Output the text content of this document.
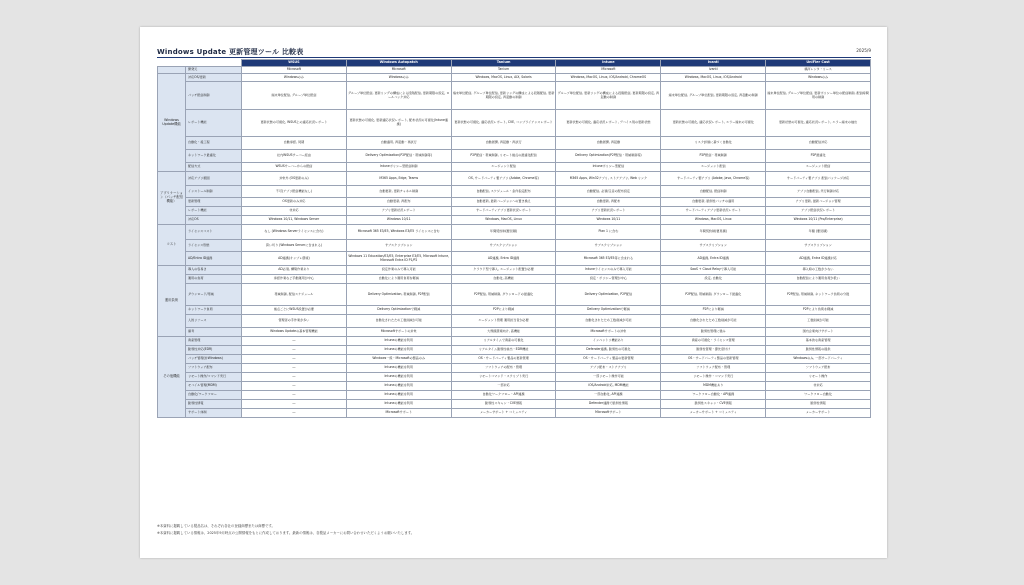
Windows Update 更新管理ツール 比較表	2025/9
		WSUS	Windows Autopatch	Tanium	Intune	Ivanti	UniFier Cast
	開発元	Microsoft	Microsoft	Tanium	Microsoft	Ivanti	横河レンタ・リース
Windows Update機能	対応OS/更新	Windowsのみ	Windowsのみ	Windows, MacOS, Linux, AIX, Solaris	Windows, MacOS, Linux, iOS/Android, ChromeOS	Windows, MacOS, Linux, iOS/Android	Windowsのみ
	パッチ配信制御	端末単位配信, グループ単位配信	グループ単位配信, 更新リングの構成による段階配信, 更新期限の設定, ロールバック対応	端末単位配信, グループ単位配信, 更新リングの構成による段階配信, 更新期限の設定, 再起動の制御	グループ単位配信, 更新リングの構成による段階配信, 更新期限の設定, 再起動の制御	端末単位配信, グループ単位配信, 更新期限の設定, 再起動の制御	端末単位配信, グループ単位配信, 更新ポリシー単位の配信制御, 配信時間帯の制御
	レポート機能	更新状態の可視化, WSUS上の適応状況レポート	更新状態の可視化, 更新適応状況レポート, 配布状況の可視化(Intune連携)	更新状態の可視化, 適応状況レポート, CVE, コンプライアンスレポート	更新状態の可視化, 適応状況レポート, デバイス別の更新状態	更新状態の可視化, 適応状況レポート, エラー端末の可視化	更新状態の可視化, 適応状況レポート, エラー端末の抽出
	自動化・後工程	自動承認, 同期	自動適用, 再起動・再試行	自動展開, 再起動・再試行	自動展開, 再起動	リスク評価に基づく自動化	自動配信対応
	ネットワーク最適化	社内WSUSサーバー経由	Delivery Optimization(P2P配信・帯域制御等)	P2P配信・帯域制御, リモート拠点の最適化配信	Delivery Optimization(P2P配信・帯域制御等)	P2P配信・帯域制御	P2P最適化
	配信方式	WSUSサーバーからの配信	Intuneポリシー型配信制御	エージェント配信	Intuneポリシー型配信	エージェント配信	エージェント配信
アプリケーション（パッチ配信機能）	対応アプリ範囲	対象外 (OS更新のみ)	M365 Apps, Edge, Teams	OS, サードパーティ製アプリ (Adobe, Chrome等)	M365 Apps, Win32アプリ, ストアアプリ, Web リンク	サードパーティ製アプリ (Adobe, Java, Chrome等)	サードパーティ製アプリ 配信パッケージ対応
	インストール制御	不可(アプリ配信機能なし)	自動更新, 更新チャネル制御	自動配信, スケジュール・条件指定配布	自動配信, 必須/任意の配布設定	自動配信, 配信制御	アプリ自動配信, 実行制御対応
	更新管理	OS更新のみ対応	自動更新, 再配布	自動更新, 最新バージョンへの置き換え	自動更新, 再配布	自動更新, 脆弱性パッチの適用	アプリ更新, 最新バージョン管理
	レポート機能	非対応	アプリ更新状況レポート	サードパーティアプリ更新状況レポート	アプリ更新状況レポート	サードパーティアプリ更新状況レポート	アプリ配信状況レポート
	対応OS	Windows 10/11, Windows Server	Windows 10/11	Windows, MacOS, Linux	Windows 10/11	Windows, MacOS, Linux	Windows 10/11 (Pro/Enterprise)
コスト	ライセンスコスト	なし (Windows Serverライセンスに含む)	Microsoft 365 E3/E5, Windows E3/E5 ライセンスに含む	年間契約制(要見積)	Plan 1 に含む	年間契約制(要見積)	年額 (要見積)
	ライセンス形態	買い切り (Windows Serverに含まれる)	サブスクリプション	サブスクリプション	サブスクリプション	サブスクリプション	サブスクリプション
	AD/Entra ID連携	AD連携(オンプレ環境)	Windows 11 Education/E3/E5, Enterprise E3/E5, Microsoft Intune, Microsoft Entra ID P1/P2	AD連携, Entra ID連携	Microsoft 365 E3/E5等に含まれる	AD連携, Entra ID連携	AD連携, Entra ID連携対応
運用負荷	導入の容易さ	AD必須, 構築作業あり	設定作業のみで導入可能	クラウド型で導入, エージェント配置が必要	Intuneライセンスのみで導入可能	SaaS + Cloud Relayで導入可能	導入時の工数が少ない
	運用の負荷	承認作業など手動運用が中心	自動化により運用負荷を軽減	自動化, 高機能	設定・ポリシー管理が中心	設定, 自動化	自動配信により運用負荷が低い
	ダウンロード/帯域	帯域制御, 配信スケジュール	Delivery Optimization, 帯域制御, P2P配信	P2P配信, 帯域制御, ダウンロードの最適化	Delivery Optimization, P2P配信	P2P配信, 帯域制御, ダウンロード最適化	P2P配信, 帯域制御, ネットワーク負荷の分散
	ネットワーク負荷	拠点ごとにWSUS設置が必要	Delivery Optimizationで軽減	P2Pにより軽減	Delivery Optimizationで軽減	P2Pにより軽減	P2Pにより負荷を軽減
	人的リソース	管理者の手作業が多い	自動化されたため工数削減が可能	エージェント管理 運用担当者が必要	自動化されたため工数削減が可能	自動化されたため工数削減が可能	工数削減が可能
	備考	Windows Updateの基本管理機能	Microsoftサポートの対象	大規模環境向け, 高機能	Microsoftサポートの対象	脆弱性管理に強み	国内企業向けサポート
その他機能	資産管理	―	Intuneの機能を利用	リアルタイムで資産の可視化	インベントリ機能あり	資産の可視化・ライセンス管理	基本的な資産管理
	脆弱性対応(EDR)	―	Intuneの機能を利用	リアルタイム脆弱性検出・EDR機能	Defender連携, 脆弱性の可視化	脆弱性管理・優先度付け	脆弱性情報の提供
	パッチ管理(非Windows)	―	Windows一般・Microsoftの製品のみ	OS・サードパーティ製品の更新管理	OS・サードパーティ製品の更新管理	OS・サードパーティ製品の更新管理	Windowsのみ, 一部サードパーティ
	ソフトウェア配布	―	Intuneの機能を利用	ソフトウェアの配布・管理	アプリ配布・ストアアプリ	ソフトウェア配布・管理	ソフトウェア配布
	リモート操作/コマンド実行	―	Intuneの機能を利用	リモートコマンド・スクリプト実行	一部リモート操作可能	リモート操作・コマンド実行	リモート操作
	モバイル管理(MDM)	―	Intuneの機能を利用	一部対応	iOS/Android対応, MDM機能	MDM機能あり	非対応
	自動化/ワークフロー	―	Intuneの機能を利用	自動化ワークフロー・API連携	一部自動化, API連携	ワークフロー自動化・API連携	ワークフロー自動化
	脆弱性情報	―	Intuneの機能を利用	脆弱性スキャン・CVE情報	Defender連携で脆弱性情報	脆弱性スキャン・CVE情報	脆弱性情報
	サポート体制	―	Microsoftサポート	メーカーサポート + コミュニティ	Microsoftサポート	メーカーサポート + コミュニティ	メーカーサポート
※本資料に掲載している製品名は、それぞれ各社の登録商標または商標です。
※本資料に掲載している情報は、2025年9月時点の公開情報をもとに作成しております。最新の情報は、各製品メーカーにお問い合わせいただくようお願いいたします。
